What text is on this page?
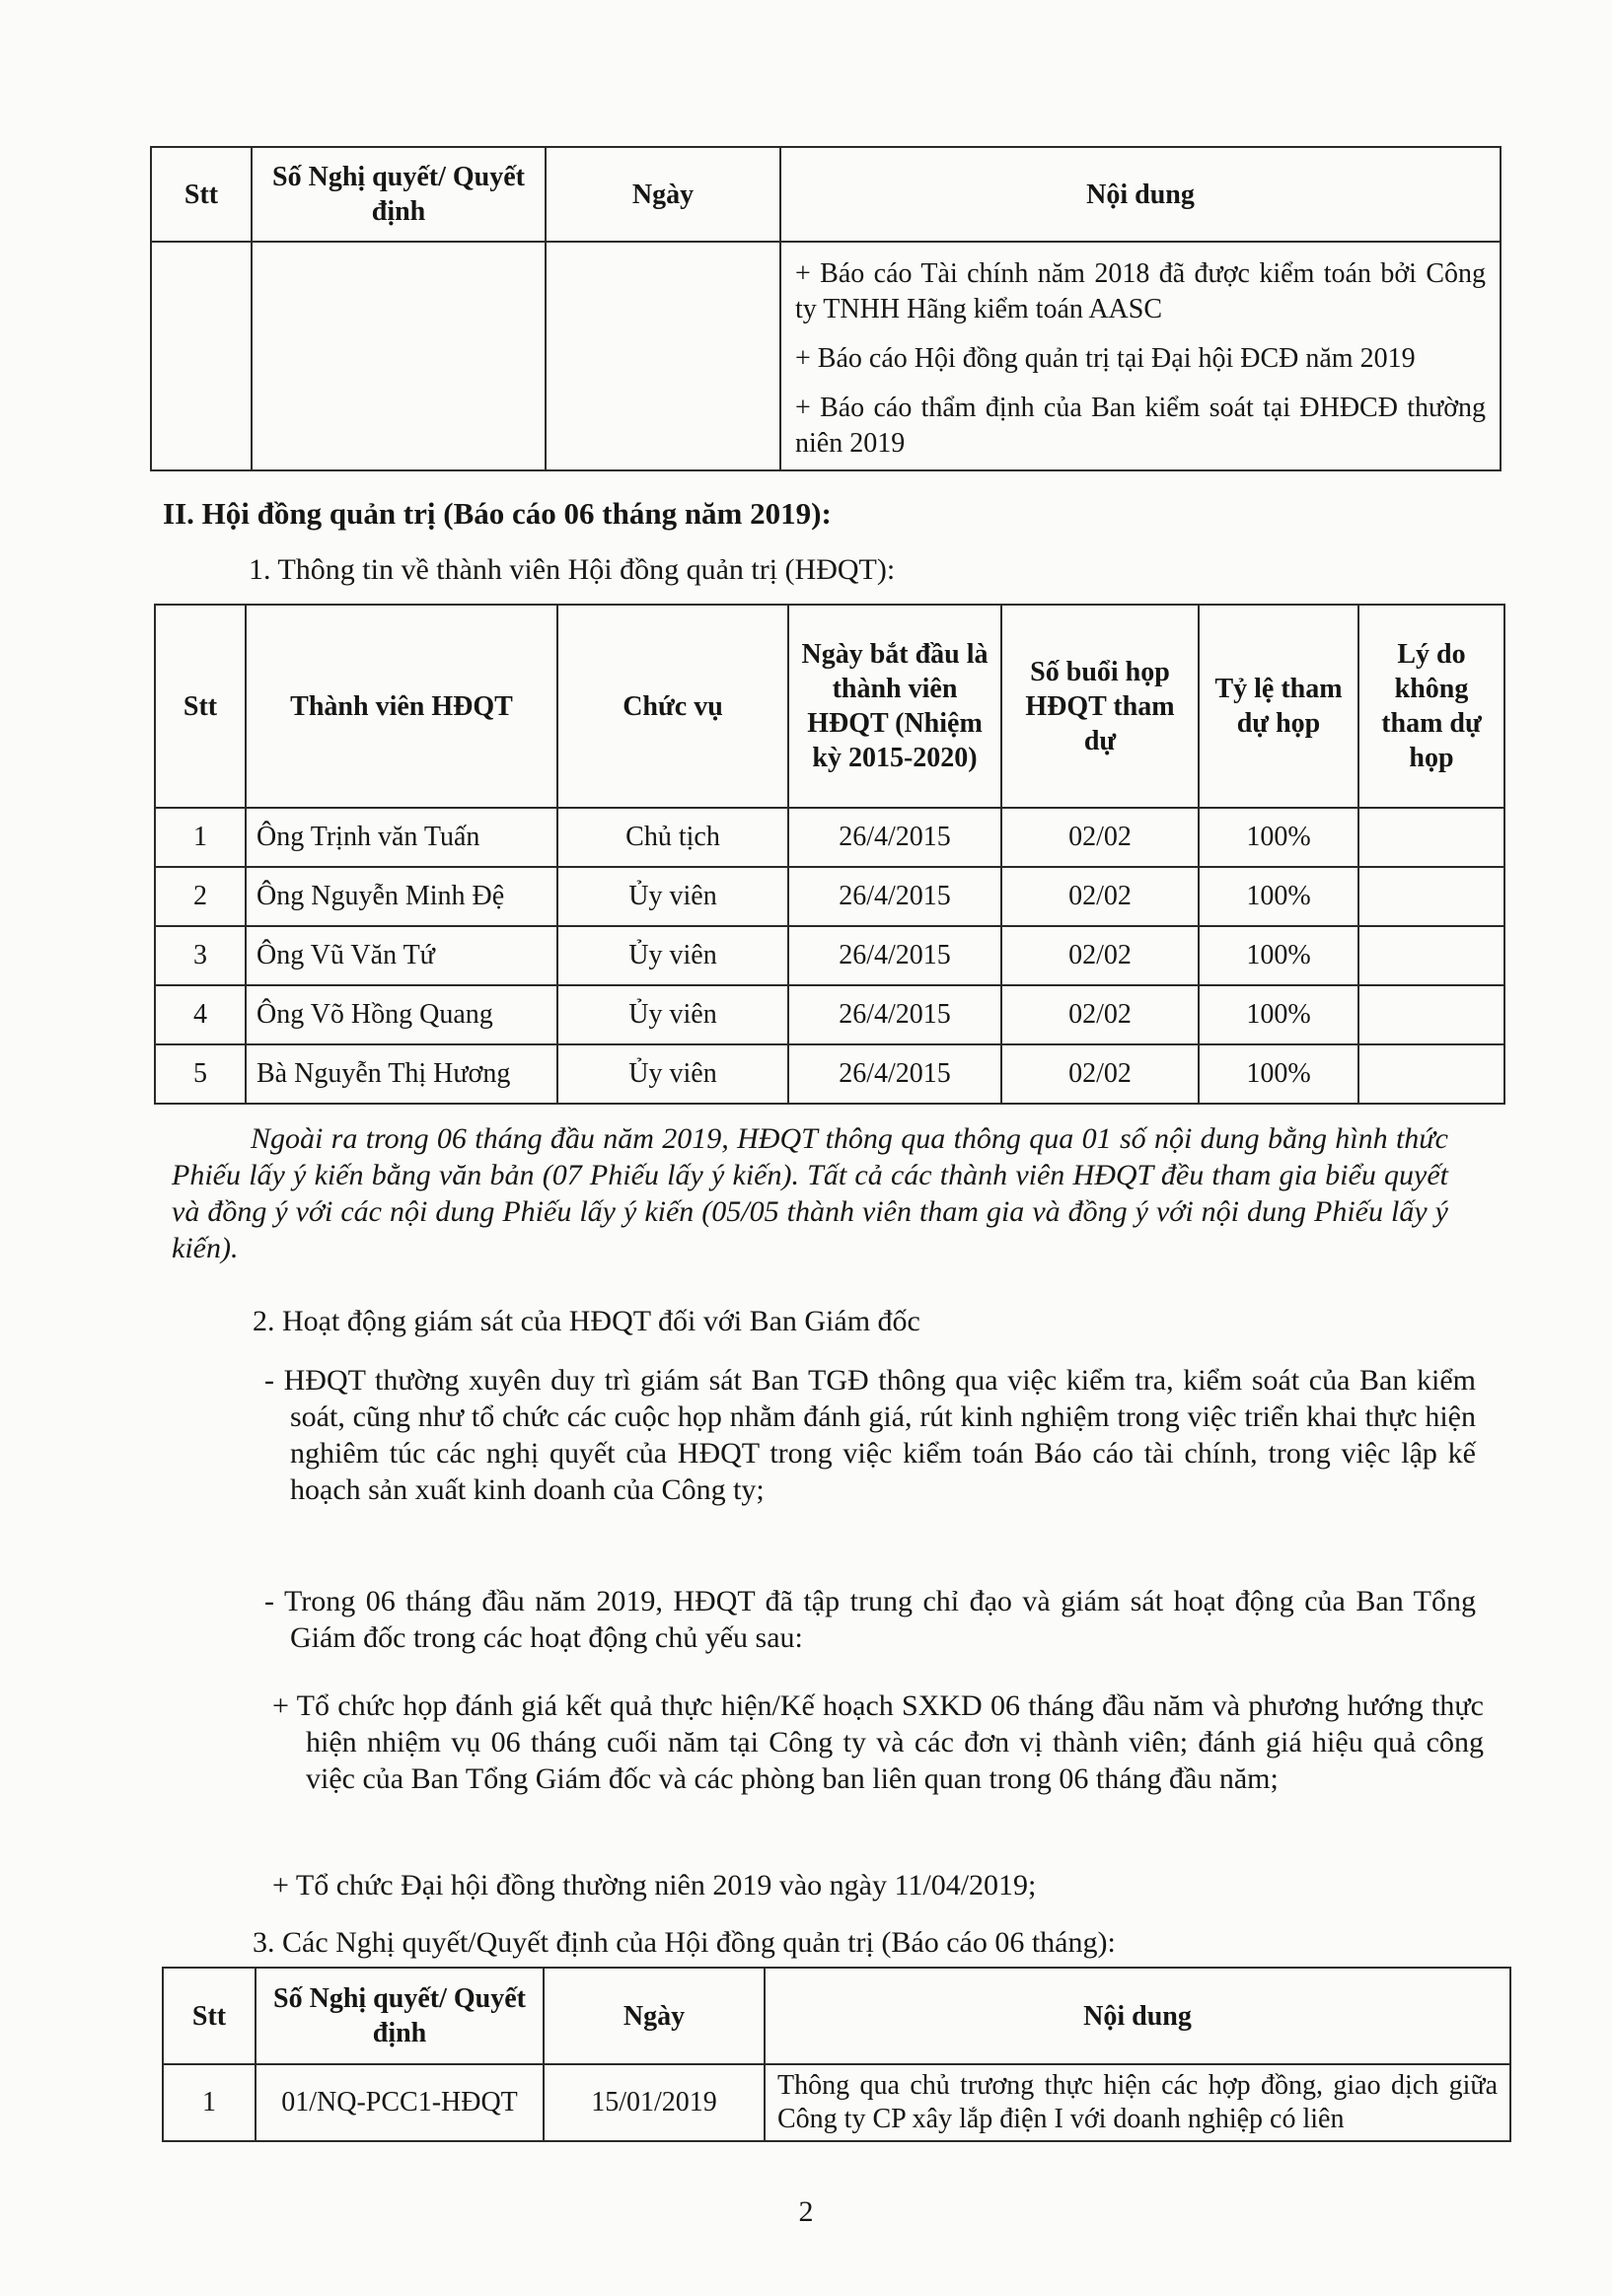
Stt	Số Nghị quyết/ Quyết định	Ngày	Nội dung

			+ Báo cáo Tài chính năm 2018 đã được kiểm toán bởi Công ty TNHH Hãng kiểm toán AASC

+ Báo cáo Hội đồng quản trị tại Đại hội ĐCĐ năm 2019

+ Báo cáo thẩm định của Ban kiểm soát tại ĐHĐCĐ thường niên 2019

II. Hội đồng quản trị (Báo cáo 06 tháng năm 2019):
1. Thông tin về thành viên Hội đồng quản trị (HĐQT):
Stt	Thành viên HĐQT	Chức vụ	Ngày bắt đầu là thành viên HĐQT (Nhiệm kỳ 2015-2020)	Số buổi họp HĐQT tham dự	Tỷ lệ tham dự họp	Lý do không tham dự họp
1	Ông Trịnh văn Tuấn	Chủ tịch	26/4/2015	02/02	100%	
2	Ông Nguyễn Minh Đệ	Ủy viên	26/4/2015	02/02	100%	
3	Ông Vũ Văn Tứ	Ủy viên	26/4/2015	02/02	100%	
4	Ông Võ Hồng Quang	Ủy viên	26/4/2015	02/02	100%	
5	Bà Nguyễn Thị Hương	Ủy viên	26/4/2015	02/02	100%	

Ngoài ra trong 06 tháng đầu năm 2019, HĐQT thông qua thông qua 01 số nội dung bằng hình thức Phiếu lấy ý kiến bằng văn bản (07 Phiếu lấy ý kiến). Tất cả các thành viên HĐQT đều tham gia biểu quyết và đồng ý với các nội dung Phiếu lấy ý kiến (05/05 thành viên tham gia và đồng ý với nội dung Phiếu lấy ý kiến).

2. Hoạt động giám sát của HĐQT đối với Ban Giám đốc

- HĐQT thường xuyên duy trì giám sát Ban TGĐ thông qua việc kiểm tra, kiểm soát của Ban kiểm soát, cũng như tổ chức các cuộc họp nhằm đánh giá, rút kinh nghiệm trong việc triển khai thực hiện nghiêm túc các nghị quyết của HĐQT trong việc kiểm toán Báo cáo tài chính, trong việc lập kế hoạch sản xuất kinh doanh của Công ty;

- Trong 06 tháng đầu năm 2019, HĐQT đã tập trung chỉ đạo và giám sát hoạt động của Ban Tổng Giám đốc trong các hoạt động chủ yếu sau:

+ Tổ chức họp đánh giá kết quả thực hiện/Kế hoạch SXKD 06 tháng đầu năm và phương hướng thực hiện nhiệm vụ 06 tháng cuối năm tại Công ty và các đơn vị thành viên; đánh giá hiệu quả công việc của Ban Tổng Giám đốc và các phòng ban liên quan trong 06 tháng đầu năm;

+ Tổ chức Đại hội đồng thường niên 2019 vào ngày 11/04/2019;

3. Các Nghị quyết/Quyết định của Hội đồng quản trị (Báo cáo 06 tháng):
Stt	Số Nghị quyết/ Quyết định	Ngày	Nội dung
1	01/NQ-PCC1-HĐQT	15/01/2019	Thông qua chủ trương thực hiện các hợp đồng, giao dịch giữa Công ty CP xây lắp điện I với doanh nghiệp có liên
2
